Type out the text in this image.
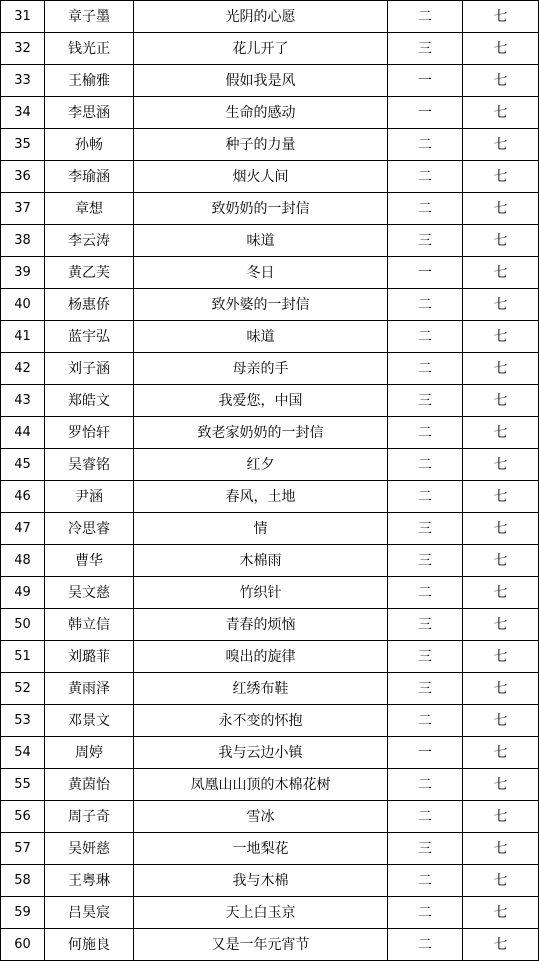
31	章子墨	光阴的心愿	二	七
32	钱光正	花儿开了	三	七
33	王榆雅	假如我是风	一	七
34	李思涵	生命的感动	一	七
35	孙畅	种子的力量	二	七
36	李瑜涵	烟火人间	二	七
37	章想	致奶奶的一封信	二	七
38	李云涛	味道	三	七
39	黄乙芙	冬日	一	七
40	杨惠侨	致外婆的一封信	二	七
41	蓝宇弘	味道	二	七
42	刘子涵	母亲的手	二	七
43	郑皓文	我爱您，中国	三	七
44	罗怡轩	致老家奶奶的一封信	二	七
45	吴睿铭	红夕	二	七
46	尹涵	春风，土地	二	七
47	冷思睿	情	三	七
48	曹华	木棉雨	三	七
49	吴文慈	竹织针	二	七
50	韩立信	青春的烦恼	三	七
51	刘璐菲	嗅出的旋律	三	七
52	黄雨泽	红绣布鞋	三	七
53	邓景文	永不变的怀抱	二	七
54	周婷	我与云边小镇	一	七
55	黄茵怡	凤凰山山顶的木棉花树	二	七
56	周子奇	雪冰	二	七
57	吴妍慈	一地梨花	三	七
58	王粤琳	我与木棉	二	七
59	吕昊宸	天上白玉京	二	七
60	何施良	又是一年元宵节	二	七
